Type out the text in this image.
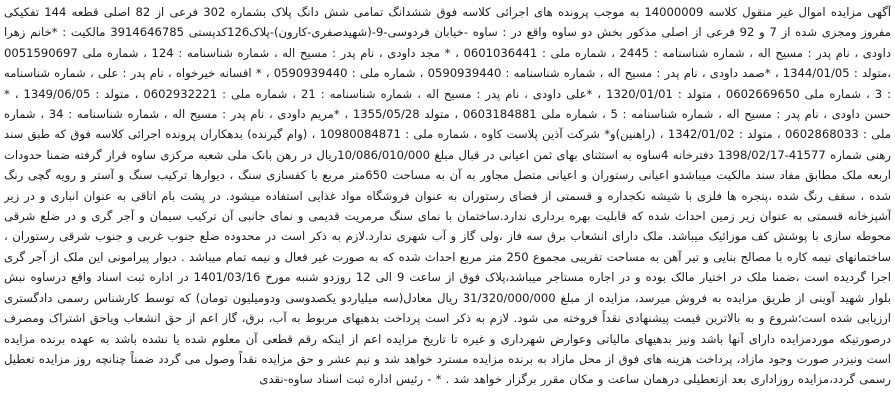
آگهی مزایده اموال غیر منقول کلاسه 14000009 به موجب پرونده های اجرائی کلاسه فوق ششدانگ تمامی شش دانگ پلاک بشماره 302 فرعی از 82 اصلی قطعه 144 تفکیکی مفروز ومجزی شده از 7 و 92 فرعی از اصلی مذکور بخش دو ساوه واقع در : ساوه -خیابان فردوسی-9-(شهیدصفری-کارون)-پلاک126کدپستی 3914646785 مالکیت : *خانم زهرا داودی ، نام پدر : مسیح اله ، شماره شناسنامه : 2445 ، شماره ملی : 0601036441 ، * مجد داودی ، نام پدر : مسیح اله ، شماره شناسنامه : 124 ، شماره ملی 0051590697 ،متولد : 1344/01/05 ، *صمد داودی ، نام پدر : مسیح اله ، شماره شناسنامه : 0590939440 ، شماره ملی : 0590939440 ، * افسانه خیرخواه ، نام پدر : علی ، شماره شناسنامه : 3 ، شماره ملی 0602669650 ، متولد : 1320/01/01 ، *علی داودی ، نام پدر : مسیح اله ، شماره شناسنامه : 21 ، شماره ملی : 0602932221 ، متولد : 1349/06/05 ، * حسن داودی ، نام پدر : مسیح اله ، شماره شناسنامه : 5 ، شماره ملی 0603184881 ، متولد 1355/05/28 ، *مریم داودی ، نام پدر : مسیح اله ، شماره شناسنامه : 34 ، شماره ملی : 0602868033 ، متولد : 1342/01/02 ، (راهنین)و* شرکت آذین پلاست کاوه ، شماره ملی : 10980084871 ، (وام گیرنده) بدهکاران پرونده اجرائی کلاسه فوق که طبق سند رهنی شماره 41577-1398/02/17 دفترخانه 4ساوه به استثنای بهای ثمن اعیانی در قبال مبلغ 10/086/010/000ریال در رهن بانک ملی شعبه مرکزی ساوه قرار گرفته ضمنا حدودات اربعه ملک مطابق مفاد سند مالکیت میباشدو اعیانی رستوران و اعیانی متصل مجاور به آن به مساحت 650متر مربع با کفسازی سنگ ، دیوارها ترکیب سنگ و آستر و رویه گچی رنگ شده ، سقف رنگ شده ،پنجره ها فلزی با شیشه تکجداره و قسمتی از فضای رستوران به عنوان فروشگاه مواد غذایی استفاده میشود. در پشت بام اتاقی به عنوان انباری و در زیر آشپزخانه قسمتی به عنوان زیر زمین احداث شده که قابلیت بهره برداری ندارد.ساختمان با نمای سنگ مرمریت قدیمی و نمای جانبی آن ترکیب سیمان و آجر گری و در ضلع شرقی محوطه سازی با پوشش کف موزائیک میباشد. ملک دارای انشعاب برق سه فاز ،ولی گاز و آب شهری ندارد.لازم به ذکر است در محدوده ضلع جنوب غربی و جنوب شرقی رستوران ، ساختمانهای نیمه کاره با مصالح بنایی و تیر آهن به مساحت تقریبی مجموع 250 متر مربع احداث شده که به صورت غیر فعال و نیمه تمام میباشد . دیوار پیرامونی این ملک از آجر گری اجرا گردیده است ،ضمنا ملک در اختیار مالک بوده و در اجاره مستاجر میباشد،پلاک فوق از ساعت 9 الی 12 روزدو شنبه مورخ 1401/03/16 در اداره ثبت اسناد واقع درساوه نبش بلوار شهید آوینی از طریق مزایده به فروش میرسد، مزایده از مبلغ 31/320/000/000 ریال معادل(سه میلیاردو یکصدوسی ودومیلیون تومان) که توسط کارشناس رسمی دادگستری ارزیابی شده است؛شروع و به بالاترین قیمت پیشنهادی نقداً فروخته می شود. لازم به ذکر است پرداخت بدهیهای مربوط به آب، برق، گاز اعم از حق انشعاب وياحق اشتراک ومصرف درصورتیکه موردمزایده دارای آنها باشد ونیز بدهیهای مالیاتی وعوارض شهرداری و غیره تا تاریخ مزایده اعم از اینکه رقم قطعی آن معلوم شده یا نشده باشد به عهده برنده مزایده است ونیزدر صورت وجود مازاد، پرداخت هزینه های فوق از محل مازاد به برنده مزایده مسترد خواهد شد و نیم عشر و حق مزایده نقداً وصول می گردد ضمناً چنانچه روز مزایده تعطیل رسمی گردد،مزایده روزاداری بعد ازتعطیلی درهمان ساعت و مکان مقرر برگزار خواهد شد . * - رئیس اداره ثبت اسناد ساوه-نقدی
